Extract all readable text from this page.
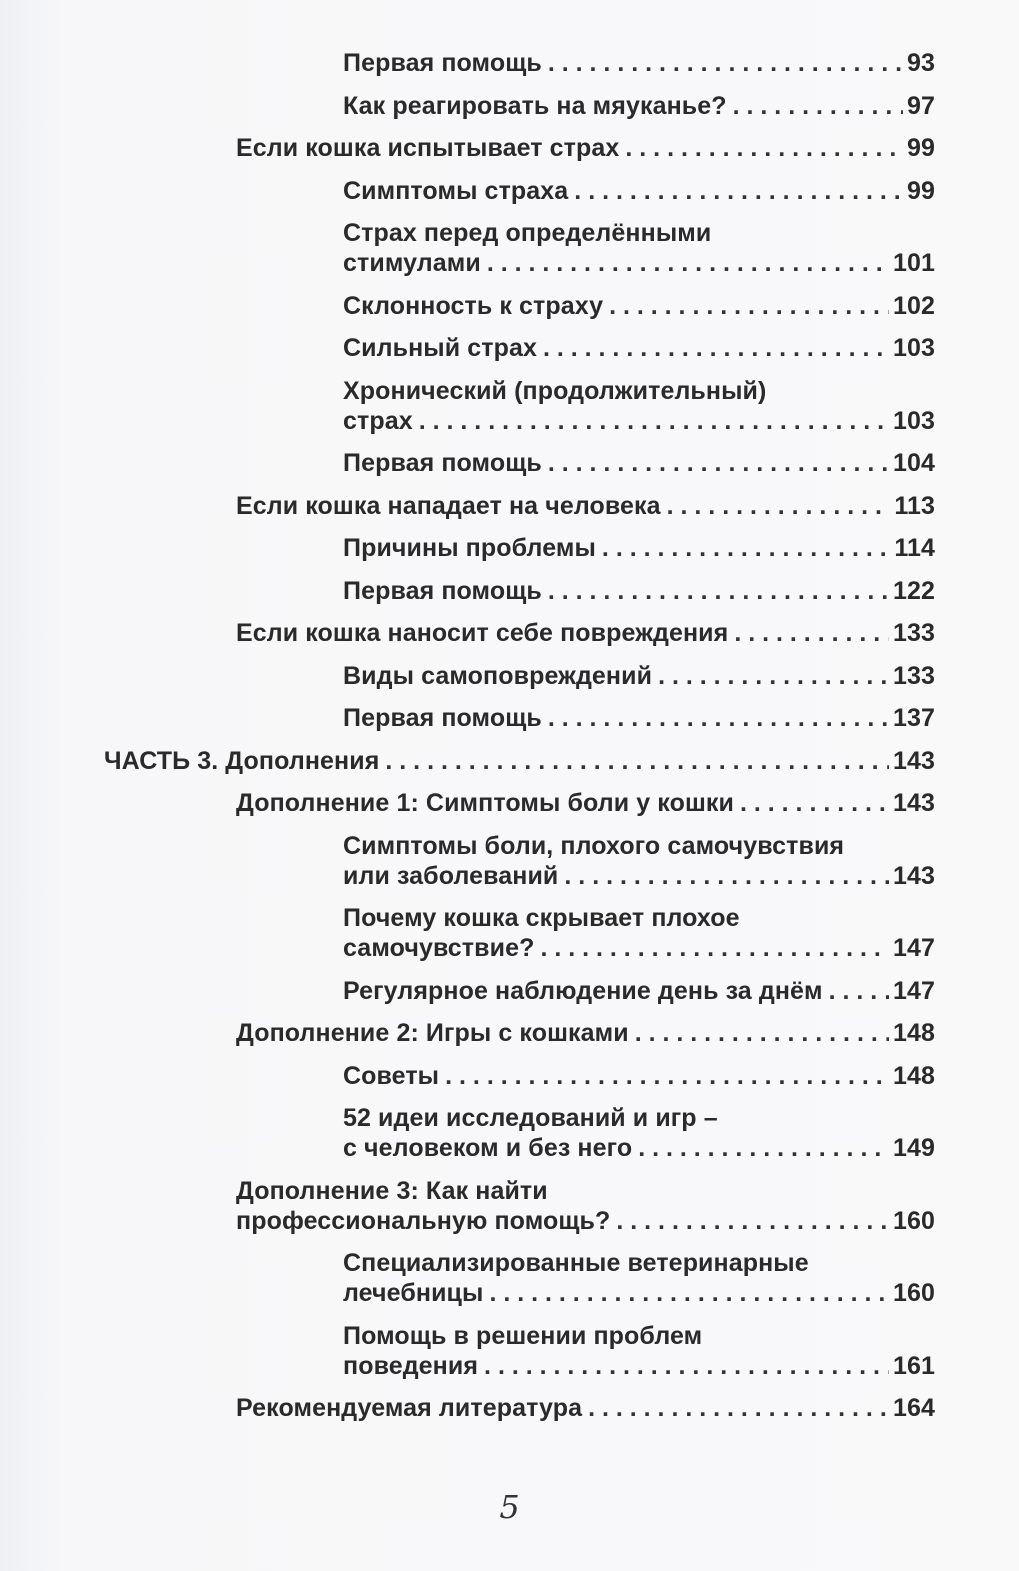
Первая помощь . . .	93
Как реагировать на мяуканье? . . .	97
Если кошка испытывает страх . . .	99
Симптомы страха . . .	99
Страх перед определёнными
стимулами . . .	101
Склонность к страху . . .	102
Сильный страх . . .	103
Хронический (продолжительный)
страх . . .	103
Первая помощь . . .	104
Если кошка нападает на человека . . .	113
Причины проблемы . . .	114
Первая помощь . . .	122
Если кошка наносит себе повреждения . . .	133
Виды самоповреждений . . .	133
Первая помощь . . .	137
ЧАСТЬ 3. Дополнения . . .	143
Дополнение 1: Симптомы боли у кошки . . .	143
Симптомы боли, плохого самочувствия
или заболеваний . . .	143
Почему кошка скрывает плохое
самочувствие? . . .	147
Регулярное наблюдение день за днём . . .	147
Дополнение 2: Игры с кошками . . .	148
Советы . . .	148
52 идеи исследований и игр –
с человеком и без него . . .	149
Дополнение 3: Как найти
профессиональную помощь? . . .	160
Специализированные ветеринарные
лечебницы . . .	160
Помощь в решении проблем
поведения . . .	161
Рекомендуемая литература . . .	164
5
